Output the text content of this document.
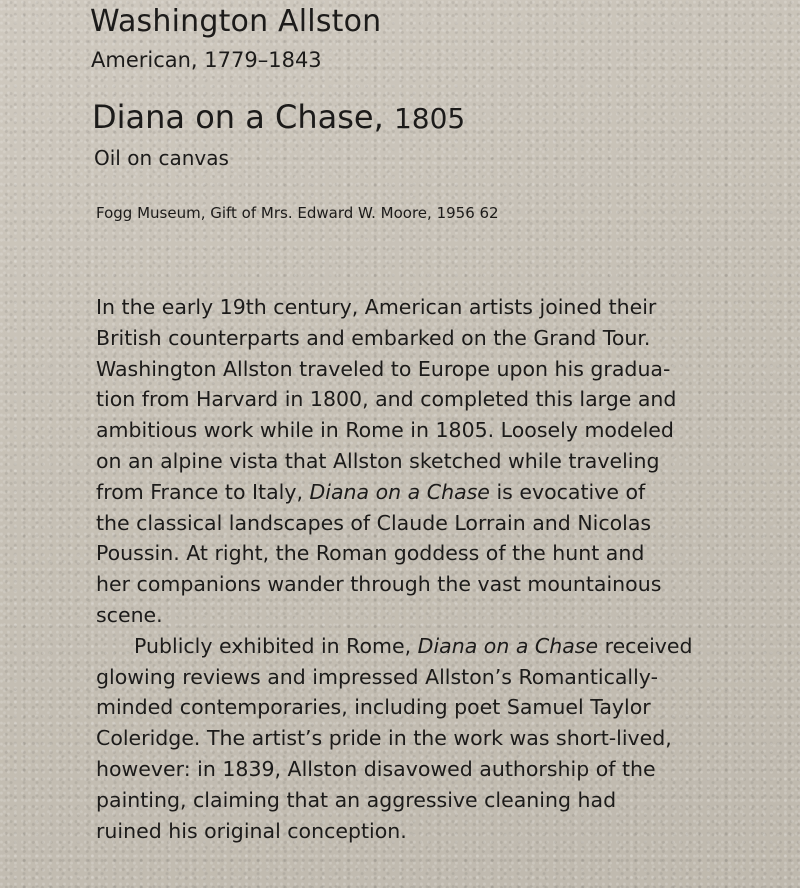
Washington Allston
American, 1779–1843
Diana on a Chase, 1805
Oil on canvas
Fogg Museum, Gift of Mrs. Edward W. Moore, 1956 62
In the early 19th century, American artists joined their
British counterparts and embarked on the Grand Tour.
Washington Allston traveled to Europe upon his gradua-
tion from Harvard in 1800, and completed this large and
ambitious work while in Rome in 1805. Loosely modeled
on an alpine vista that Allston sketched while traveling
from France to Italy, Diana on a Chase is evocative of
the classical landscapes of Claude Lorrain and Nicolas
Poussin. At right, the Roman goddess of the hunt and
her companions wander through the vast mountainous
scene.
Publicly exhibited in Rome, Diana on a Chase received
glowing reviews and impressed Allston’s Romantically-
minded contemporaries, including poet Samuel Taylor
Coleridge. The artist’s pride in the work was short-lived,
however: in 1839, Allston disavowed authorship of the
painting, claiming that an aggressive cleaning had
ruined his original conception.
